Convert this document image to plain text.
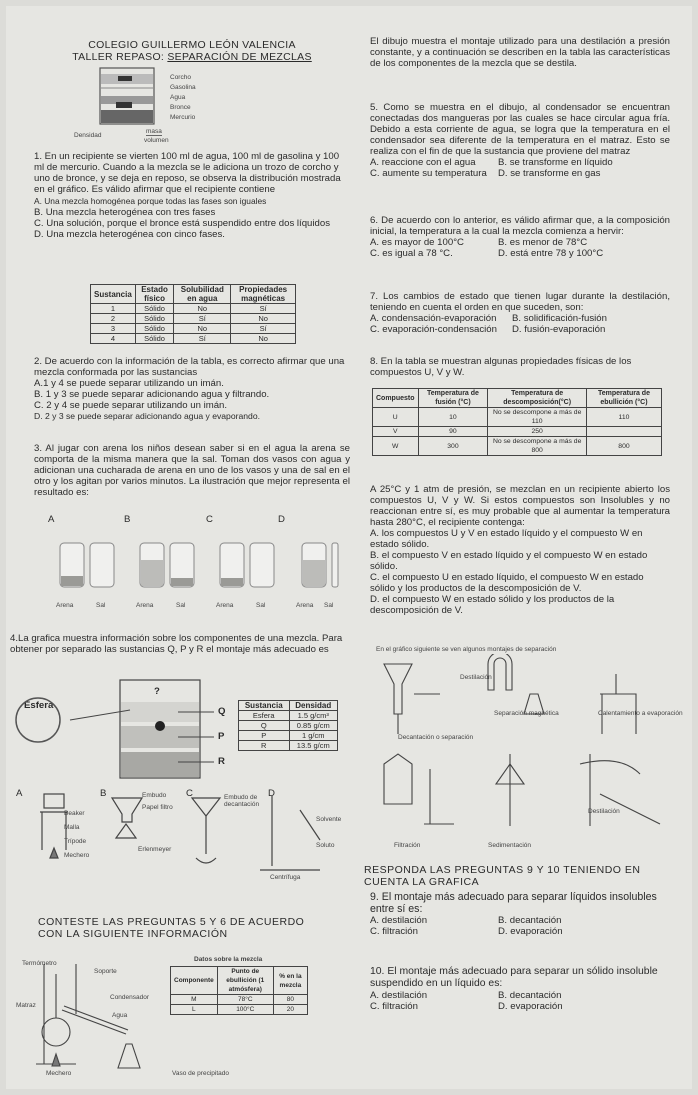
COLEGIO GUILLERMO LEÓN VALENCIA
TALLER REPASO: SEPARACIÓN DE MEZCLAS
Corcho
Gasolina
Agua
Bronce
Mercurio
Densidad
masa
volumen

1. En un recipiente se vierten 100 ml de agua, 100 ml de gasolina y 100 ml de mercurio. Cuando a la mezcla se le adiciona un trozo de corcho y uno de bronce, y se deja en reposo, se observa la distribución mostrada en el gráfico. Es válido afirmar que el recipiente contiene

A. Una mezcla homogénea porque todas las fases son iguales
B. Una mezcla heterogénea con tres fases
C. Una solución, porque el bronce está suspendido entre dos líquidos
D. Una mezcla heterogénea con cinco fases.
Sustancia	Estado físico	Solubilidad en agua	Propiedades magnéticas
1	Sólido	No	Sí
2	Sólido	Sí	No
3	Sólido	No	Sí
4	Sólido	Sí	No

2. De acuerdo con la información de la tabla, es correcto afirmar que una mezcla conformada por las sustancias

A.1 y 4 se puede separar utilizando un imán.
B. 1 y 3 se puede separar adicionando agua y filtrando.
C. 2 y 4 se puede separar utilizando un imán.
D. 2 y 3 se puede separar adicionando agua y evaporando.

3. Al jugar con arena los niños desean saber si en el agua la arena se comporta de la misma manera que la sal. Toman dos vasos con agua y adicionan una cucharada de arena en uno de los vasos y una de sal en el otro y los agitan por varios minutos. La ilustración que mejor representa el resultado es:

A	B	C	D
Arena	Sal	Arena	Sal	Arena	Sal	Arena Sal

4.La grafica muestra información sobre los componentes de una mezcla. Para obtener por separado las sustancias Q, P y R el montaje más adecuado es

Esfera
?
Q
P
R
Sustancia	Densidad
Esfera	1.5 g/cm³
Q	0.85 g/cm
P	1 g/cm
R	13.5 g/cm
A	B	C	D
Beaker
Malla
Trípode
Mechero
Embudo
Papel filtro
Erlenmeyer
Embudo de decantación
Solvente
Soluto
Centrífuga
CONTESTE LAS PREGUNTAS 5 Y 6 DE ACUERDO
CON LA SIGUIENTE INFORMACIÓN
Termómetro
Soporte
Matraz
Condensador
Mechero	Vaso de precipitado
Agua
Datos sobre la mezcla
Componente	Punto de ebullición (1 atmósfera)	% en la mezcla
M	78°C	80
L	100°C	20

El dibujo muestra el montaje utilizado para una destilación a presión constante, y a continuación se describen en la tabla las características de los componentes de la mezcla que se destila.

5. Como se muestra en el dibujo, al condensador se encuentran conectadas dos mangueras por las cuales se hace circular agua fría. Debido a esta corriente de agua, se logra que la temperatura en el condensador sea diferente de la temperatura en el matraz. Esto se realiza con el fin de que la sustancia que proviene del matraz

A. reaccione con el agua	B. se transforme en líquido
C. aumente su temperatura	D. se transforme en gas

6. De acuerdo con lo anterior, es válido afirmar que, a la composición inicial, la temperatura a la cual la mezcla comienza a hervir:

A. es mayor de 100°C	B. es menor de 78°C
C. es igual a 78 °C.	D. está entre 78 y 100°C

7. Los cambios de estado que tienen lugar durante la destilación, teniendo en cuenta el orden en que suceden, son:

A. condensación-evaporación	B. solidificación-fusión
C. evaporación-condensación	D. fusión-evaporación

8. En la tabla se muestran algunas propiedades físicas de los compuestos U, V y W.

Compuesto	Temperatura de fusión (°C)	Temperatura de descomposición(°C)	Temperatura de ebullición (°C)
U	10	No se descompone a más de 110	110
V	90	250	
W	300	No se descompone a más de 800	800

A 25°C y 1 atm de presión, se mezclan en un recipiente abierto los compuestos U, V y W. Si estos compuestos son Insolubles y no reaccionan entre sí, es muy probable que al aumentar la temperatura hasta 280°C, el recipiente contenga:

A. los compuestos U y V en estado líquido y el compuesto W en estado sólido.
B. el compuesto V en estado líquido y el compuesto W en estado sólido.
C. el compuesto U en estado líquido, el compuesto W en estado sólido y los productos de la descomposición de V.
D. el compuesto W en estado sólido y los productos de la descomposición de V.
En el gráfico siguiente se ven algunos montajes de separación
Destilación
Separación magnética	Calentamiento a evaporación
Decantación o separación
Filtración	Sedimentación
Destilación
RESPONDA LAS PREGUNTAS 9 Y 10 TENIENDO EN
CUENTA LA GRAFICA

9. El montaje más adecuado para separar líquidos insolubles entre sí es:

A. destilación	B. decantación
C. filtración	D. evaporación

10. El montaje más adecuado para separar un sólido insoluble suspendido en un líquido es:

A. destilación	B. decantación
C. filtración	D. evaporación
